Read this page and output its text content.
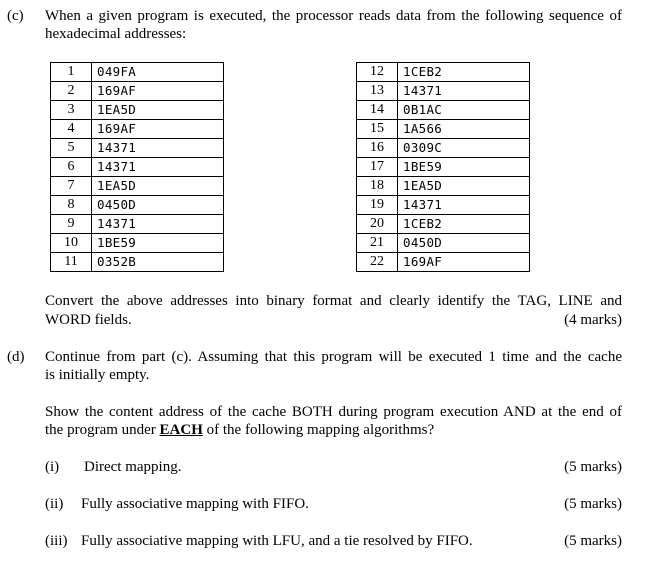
(c)	When a given program is executed, the processor reads data from the following sequence of
hexadecimal addresses:
1	049FA
2	169AF
3	1EA5D
4	169AF
5	14371
6	14371
7	1EA5D
8	0450D
9	14371
10	1BE59
11	0352B
12	1CEB2
13	14371
14	0B1AC
15	1A566
16	0309C
17	1BE59
18	1EA5D
19	14371
20	1CEB2
21	0450D
22	169AF
Convert the above addresses into binary format and clearly identify the TAG, LINE and
WORD fields.	(4 marks)
(d)	Continue from part (c). Assuming that this program will be executed 1 time and the cache
is initially empty.
Show the content address of the cache BOTH during program execution AND at the end of
the program under EACH of the following mapping algorithms?
(i) Direct mapping.	(5 marks)
(ii) Fully associative mapping with FIFO.	(5 marks)
(iii) Fully associative mapping with LFU, and a tie resolved by FIFO.	(5 marks)
